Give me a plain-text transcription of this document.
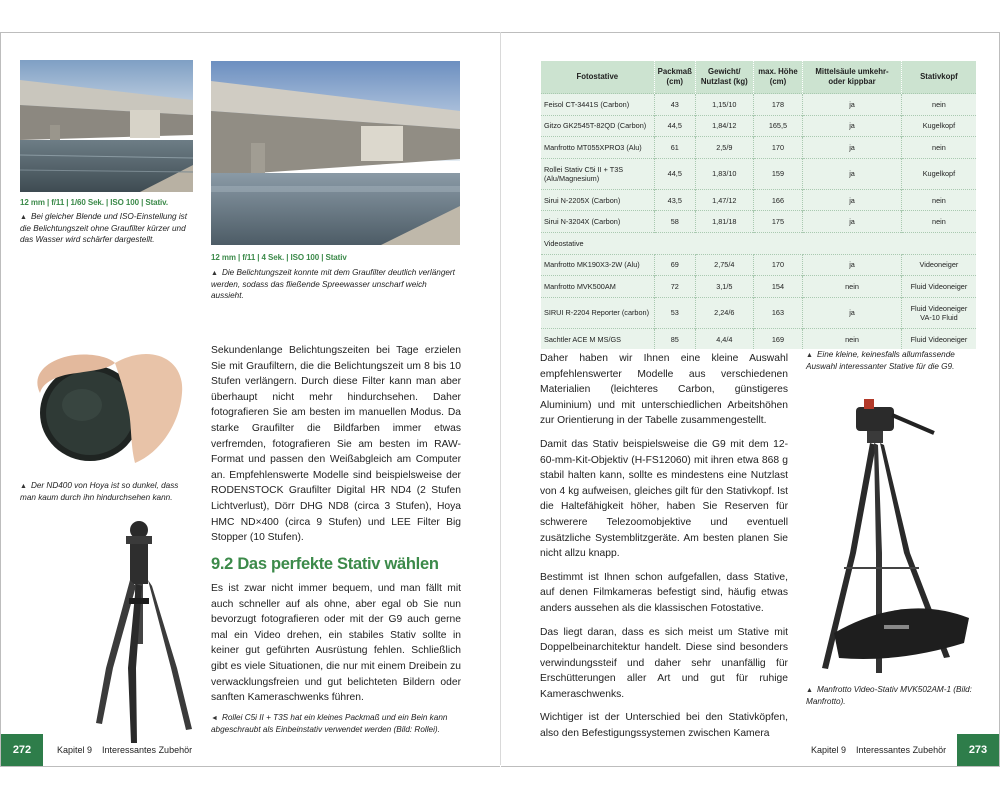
12 mm | f/11 | 1/60 Sek. | ISO 100 | Stativ.
▲ Bei gleicher Blende und ISO-Einstellung ist die Belichtungszeit ohne Graufilter kürzer und das Wasser wird schärfer dargestellt.
12 mm | f/11 | 4 Sek. | ISO 100 | Stativ
▲ Die Belichtungszeit konnte mit dem Graufilter deutlich verlängert werden, sodass das fließende Spreewasser unscharf weich aussieht.
▲ Der ND400 von Hoya ist so dunkel, dass man kaum durch ihn hindurchsehen kann.

Sekundenlange Belichtungszeiten bei Tage erzielen Sie mit Graufiltern, die die Belichtungszeit um 8 bis 10 Stufen verlängern. Durch diese Filter kann man aber überhaupt nicht mehr hindurchsehen. Daher fotografieren Sie am besten im manuellen Modus. Da starke Graufilter die Bildfarben immer etwas verfremden, fotografieren Sie am besten im RAW-Format und passen den Weißabgleich am Computer an. Empfehlenswerte Modelle sind beispielsweise der RODENSTOCK Graufilter Digital HR ND4 (2 Stufen Lichtverlust), Dörr DHG ND8 (circa 3 Stufen), Hoya HMC ND×400 (circa 9 Stufen) und LEE Filter Big Stopper (10 Stufen).

9.2 Das perfekte Stativ wählen

Es ist zwar nicht immer bequem, und man fällt mit auch schneller auf als ohne, aber egal ob Sie nun bevorzugt fotografieren oder mit der G9 auch gerne mal ein Video drehen, ein stabiles Stativ sollte in keiner gut geführten Ausrüstung fehlen. Schließlich gibt es viele Situationen, die nur mit einem Dreibein zu verwacklungsfreien und gut belichteten Bildern oder sanften Kameraschwenks führen.

◄ Rollei C5i II + T3S hat ein kleines Packmaß und ein Bein kann abgeschraubt als Einbeinstativ verwendet werden (Bild: Rollei).
272	Kapitel 9 Interessantes Zubehör
Fotostative	Packmaß (cm)	Gewicht/ Nutzlast (kg)	max. Höhe (cm)	Mittelsäule umkehr- oder kippbar	Stativkopf
Feisol CT-3441S (Carbon)	43	1,15/10	178	ja	nein
Gitzo GK2545T-82QD (Carbon)	44,5	1,84/12	165,5	ja	Kugelkopf
Manfrotto MT055XPRO3 (Alu)	61	2,5/9	170	ja	nein
Rollei Stativ C5i II + T3S (Alu/Magnesium)	44,5	1,83/10	159	ja	Kugelkopf
Sirui N-2205X (Carbon)	43,5	1,47/12	166	ja	nein
Sirui N-3204X (Carbon)	58	1,81/18	175	ja	nein
Videostative					
Manfrotto MK190X3-2W (Alu)	69	2,75/4	170	ja	Videoneiger
Manfrotto MVK500AM	72	3,1/5	154	nein	Fluid Videoneiger
SIRUI R-2204 Reporter (carbon)	53	2,24/6	163	ja	Fluid Videoneiger VA-10 Fluid
Sachtler ACE M MS/GS	85	4,4/4	169	nein	Fluid Videoneiger

Daher haben wir Ihnen eine kleine Auswahl empfehlenswerter Modelle aus verschiedenen Materialien (leichteres Carbon, günstigeres Aluminium) und mit unterschiedlichen Arbeitshöhen zur Orientierung in der Tabelle zusammengestellt.

Damit das Stativ beispielsweise die G9 mit dem 12-60-mm-Kit-Objektiv (H-FS12060) mit ihren etwa 868 g stabil halten kann, sollte es mindestens eine Nutzlast von 4 kg aufweisen, gleiches gilt für den Stativkopf. Ist die Haltefähigkeit höher, haben Sie Reserven für schwerere Telezoomobjektive und eventuell zusätzliche Systemblitzgeräte. Am besten planen Sie nicht allzu knapp.

Bestimmt ist Ihnen schon aufgefallen, dass Stative, auf denen Filmkameras befestigt sind, häufig etwas anders aussehen als die klassischen Fotostative.

Das liegt daran, dass es sich meist um Stative mit Doppelbeinarchitektur handelt. Diese sind besonders verwindungssteif und daher sehr unanfällig für Erschütterungen aller Art und gut für ruhige Kameraschwenks.

Wichtiger ist der Unterschied bei den Stativköpfen, also den Befestigungssystemen zwischen Kamera

▲ Eine kleine, keinesfalls allumfassende Auswahl interessanter Stative für die G9.
▲ Manfrotto Video-Stativ MVK502AM-1 (Bild: Manfrotto).
Kapitel 9 Interessantes Zubehör	273
